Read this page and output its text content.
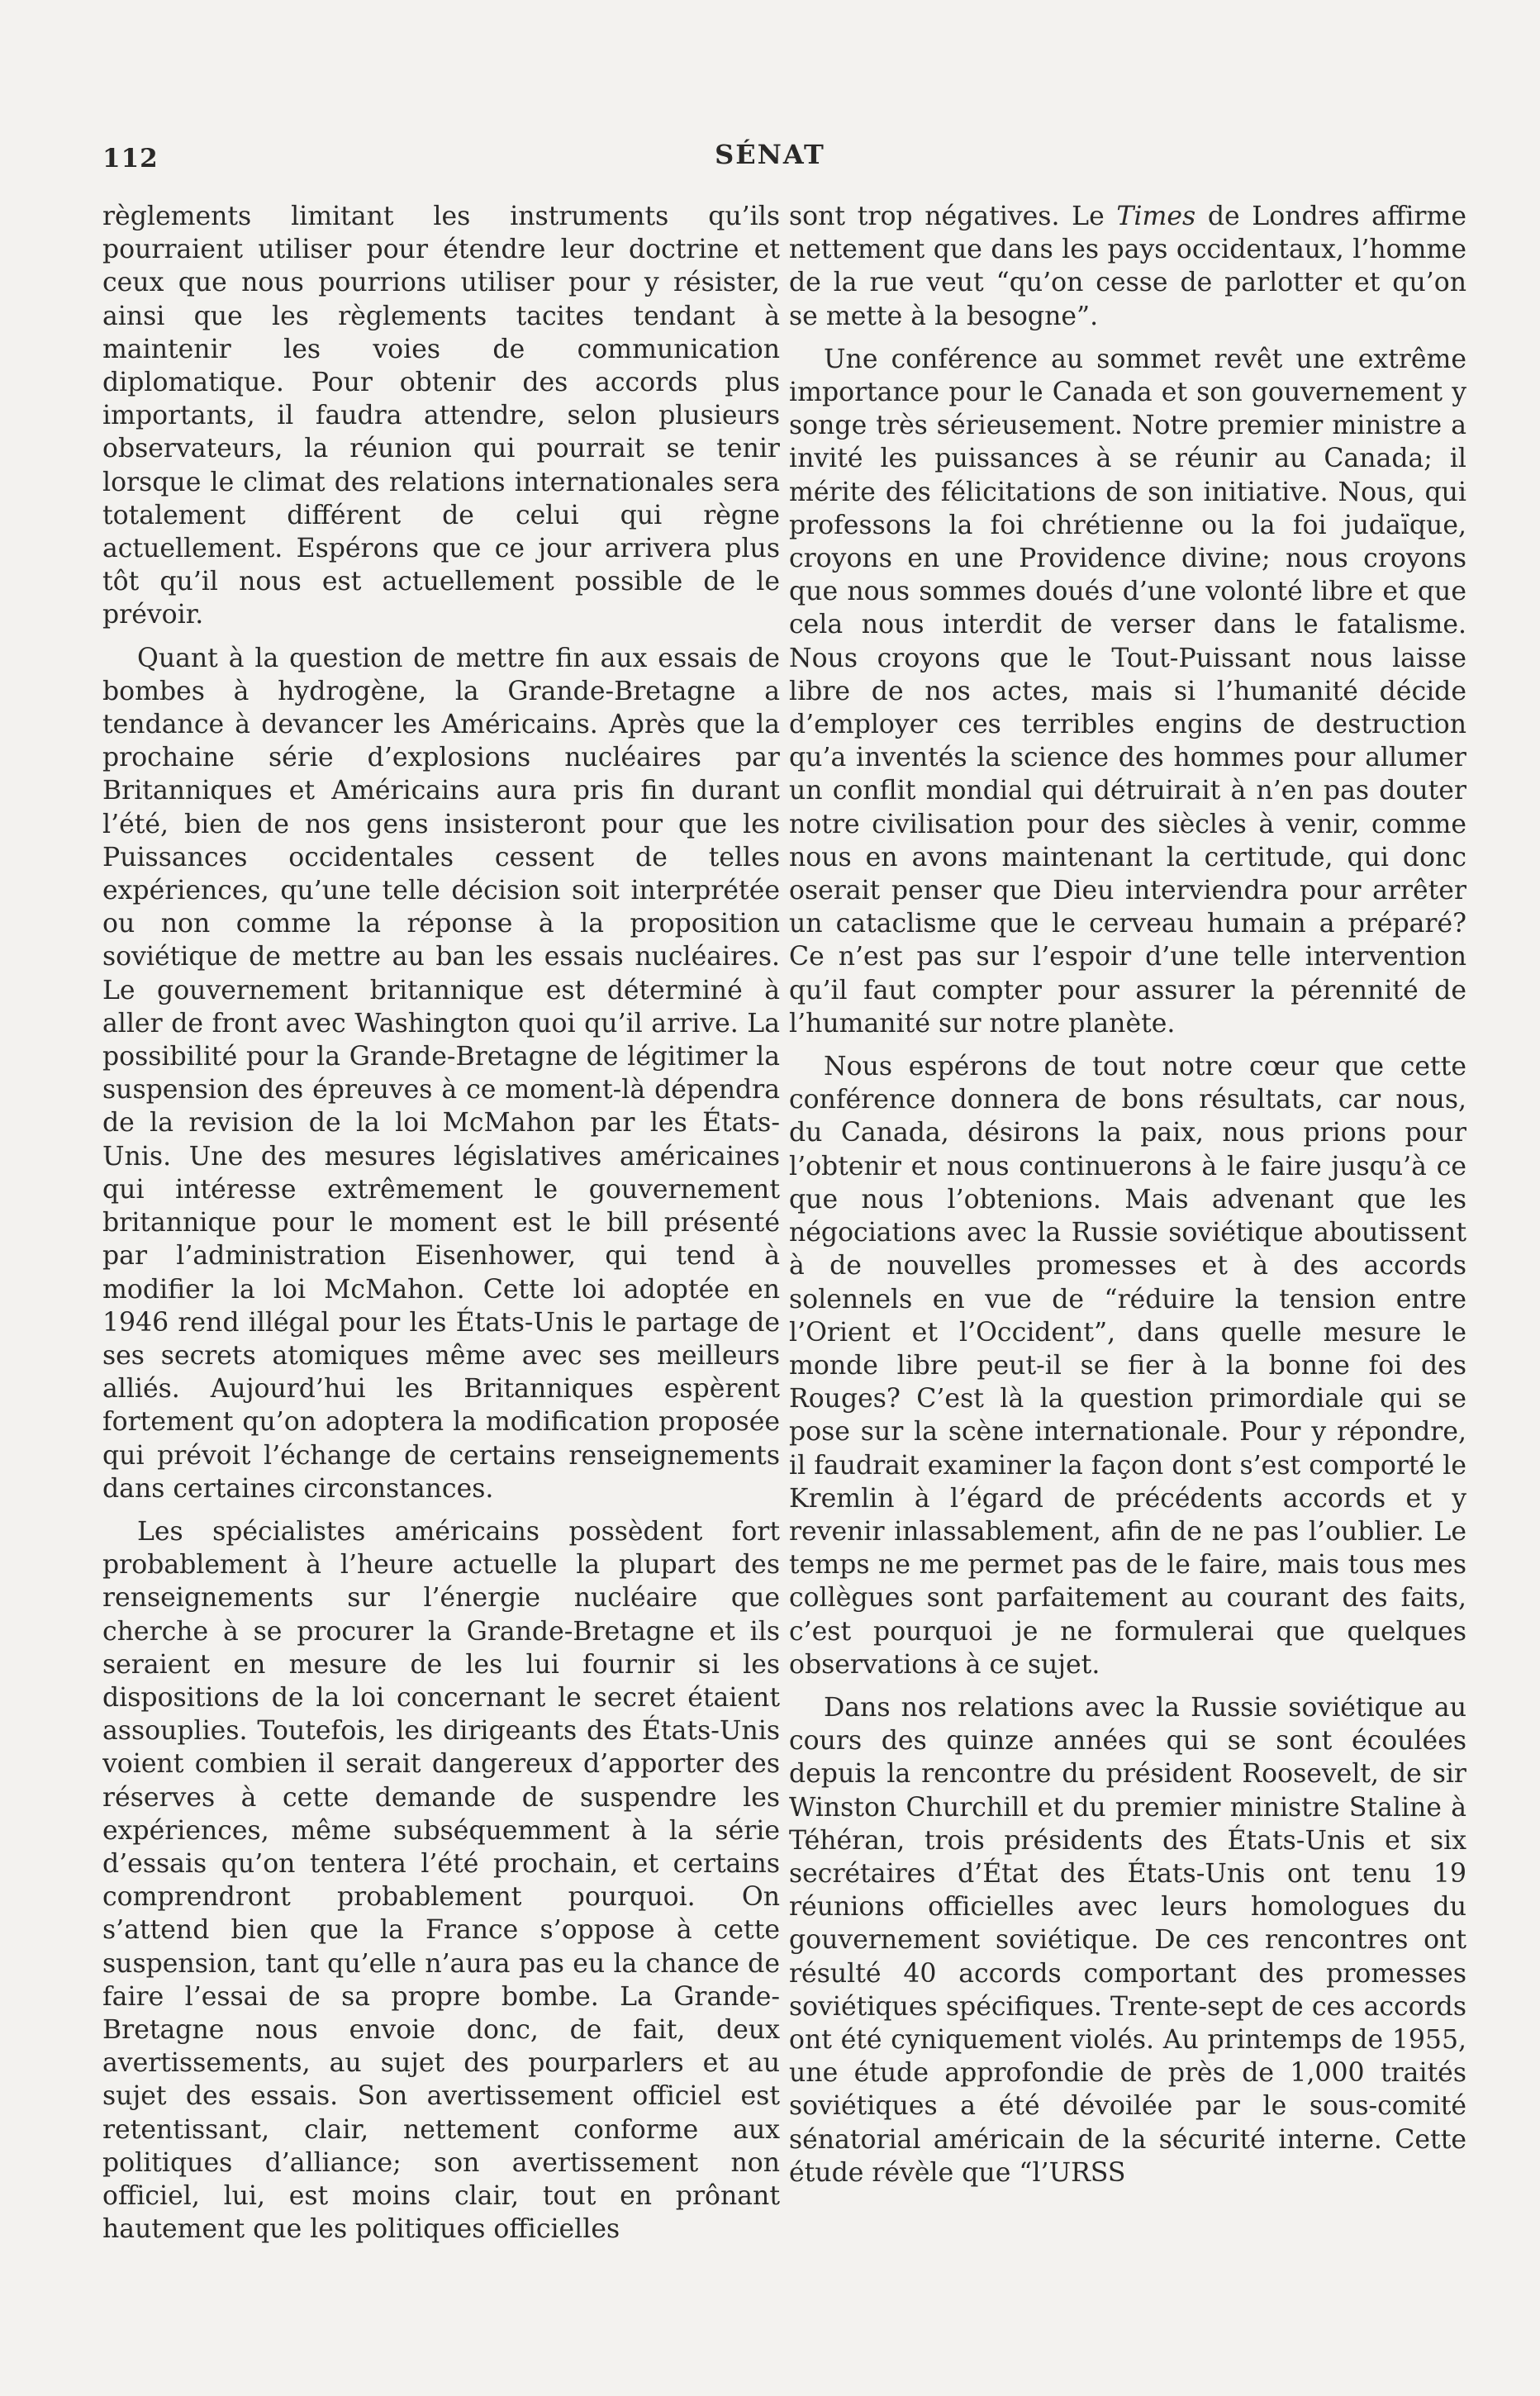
112	SÉNAT

règlements limitant les instruments qu’ils pourraient utiliser pour étendre leur doctrine et ceux que nous pourrions utiliser pour y résister, ainsi que les règlements tacites tendant à maintenir les voies de communication diplomatique. Pour obtenir des accords plus importants, il faudra attendre, selon plusieurs observateurs, la réunion qui pourrait se tenir lorsque le climat des relations internationales sera totalement différent de celui qui règne actuellement. Espérons que ce jour arrivera plus tôt qu’il nous est actuellement possible de le prévoir.

Quant à la question de mettre fin aux essais de bombes à hydrogène, la Grande-Bretagne a tendance à devancer les Américains. Après que la prochaine série d’explosions nucléaires par Britanniques et Américains aura pris fin durant l’été, bien de nos gens insisteront pour que les Puissances occidentales cessent de telles expériences, qu’une telle décision soit interprétée ou non comme la réponse à la proposition soviétique de mettre au ban les essais nucléaires. Le gouvernement britannique est déterminé à aller de front avec Washington quoi qu’il arrive. La possibilité pour la Grande-Bretagne de légitimer la suspension des épreuves à ce moment-là dépendra de la revision de la loi McMahon par les États-Unis. Une des mesures législatives américaines qui intéresse extrêmement le gouvernement britannique pour le moment est le bill présenté par l’administration Eisenhower, qui tend à modifier la loi McMahon. Cette loi adoptée en 1946 rend illégal pour les États-Unis le partage de ses secrets atomiques même avec ses meilleurs alliés. Aujourd’hui les Britanniques espèrent fortement qu’on adoptera la modification proposée qui prévoit l’échange de certains renseignements dans certaines circonstances.

Les spécialistes américains possèdent fort probablement à l’heure actuelle la plupart des renseignements sur l’énergie nucléaire que cherche à se procurer la Grande-Bretagne et ils seraient en mesure de les lui fournir si les dispositions de la loi concernant le secret étaient assouplies. Toutefois, les dirigeants des États-Unis voient combien il serait dangereux d’apporter des réserves à cette demande de suspendre les expériences, même subséquemment à la série d’essais qu’on tentera l’été prochain, et certains comprendront probablement pourquoi. On s’attend bien que la France s’oppose à cette suspension, tant qu’elle n’aura pas eu la chance de faire l’essai de sa propre bombe. La Grande-Bretagne nous envoie donc, de fait, deux avertissements, au sujet des pourparlers et au sujet des essais. Son avertissement officiel est retentissant, clair, nettement conforme aux politiques d’alliance; son avertissement non officiel, lui, est moins clair, tout en prônant hautement que les politiques officielles

sont trop négatives. Le Times de Londres affirme nettement que dans les pays occidentaux, l’homme de la rue veut “qu’on cesse de parlotter et qu’on se mette à la besogne”.

Une conférence au sommet revêt une extrême importance pour le Canada et son gouvernement y songe très sérieusement. Notre premier ministre a invité les puissances à se réunir au Canada; il mérite des félicitations de son initiative. Nous, qui professons la foi chrétienne ou la foi judaïque, croyons en une Providence divine; nous croyons que nous sommes doués d’une volonté libre et que cela nous interdit de verser dans le fatalisme. Nous croyons que le Tout-Puissant nous laisse libre de nos actes, mais si l’humanité décide d’employer ces terribles engins de destruction qu’a inventés la science des hommes pour allumer un conflit mondial qui détruirait à n’en pas douter notre civilisation pour des siècles à venir, comme nous en avons maintenant la certitude, qui donc oserait penser que Dieu interviendra pour arrêter un cataclisme que le cerveau humain a préparé? Ce n’est pas sur l’espoir d’une telle intervention qu’il faut compter pour assurer la pérennité de l’humanité sur notre planète.

Nous espérons de tout notre cœur que cette conférence donnera de bons résultats, car nous, du Canada, désirons la paix, nous prions pour l’obtenir et nous continuerons à le faire jusqu’à ce que nous l’obtenions. Mais advenant que les négociations avec la Russie soviétique aboutissent à de nouvelles promesses et à des accords solennels en vue de “réduire la tension entre l’Orient et l’Occident”, dans quelle mesure le monde libre peut-il se fier à la bonne foi des Rouges? C’est là la question primordiale qui se pose sur la scène internationale. Pour y répondre, il faudrait examiner la façon dont s’est comporté le Kremlin à l’égard de précédents accords et y revenir inlassablement, afin de ne pas l’oublier. Le temps ne me permet pas de le faire, mais tous mes collègues sont parfaitement au courant des faits, c’est pourquoi je ne formulerai que quelques observations à ce sujet.

Dans nos relations avec la Russie soviétique au cours des quinze années qui se sont écoulées depuis la rencontre du président Roosevelt, de sir Winston Churchill et du premier ministre Staline à Téhéran, trois présidents des États-Unis et six secrétaires d’État des États-Unis ont tenu 19 réunions officielles avec leurs homologues du gouvernement soviétique. De ces rencontres ont résulté 40 accords comportant des promesses soviétiques spécifiques. Trente-sept de ces accords ont été cyniquement violés. Au printemps de 1955, une étude approfondie de près de 1,000 traités soviétiques a été dévoilée par le sous-comité sénatorial américain de la sécurité interne. Cette étude révèle que “l’URSS
